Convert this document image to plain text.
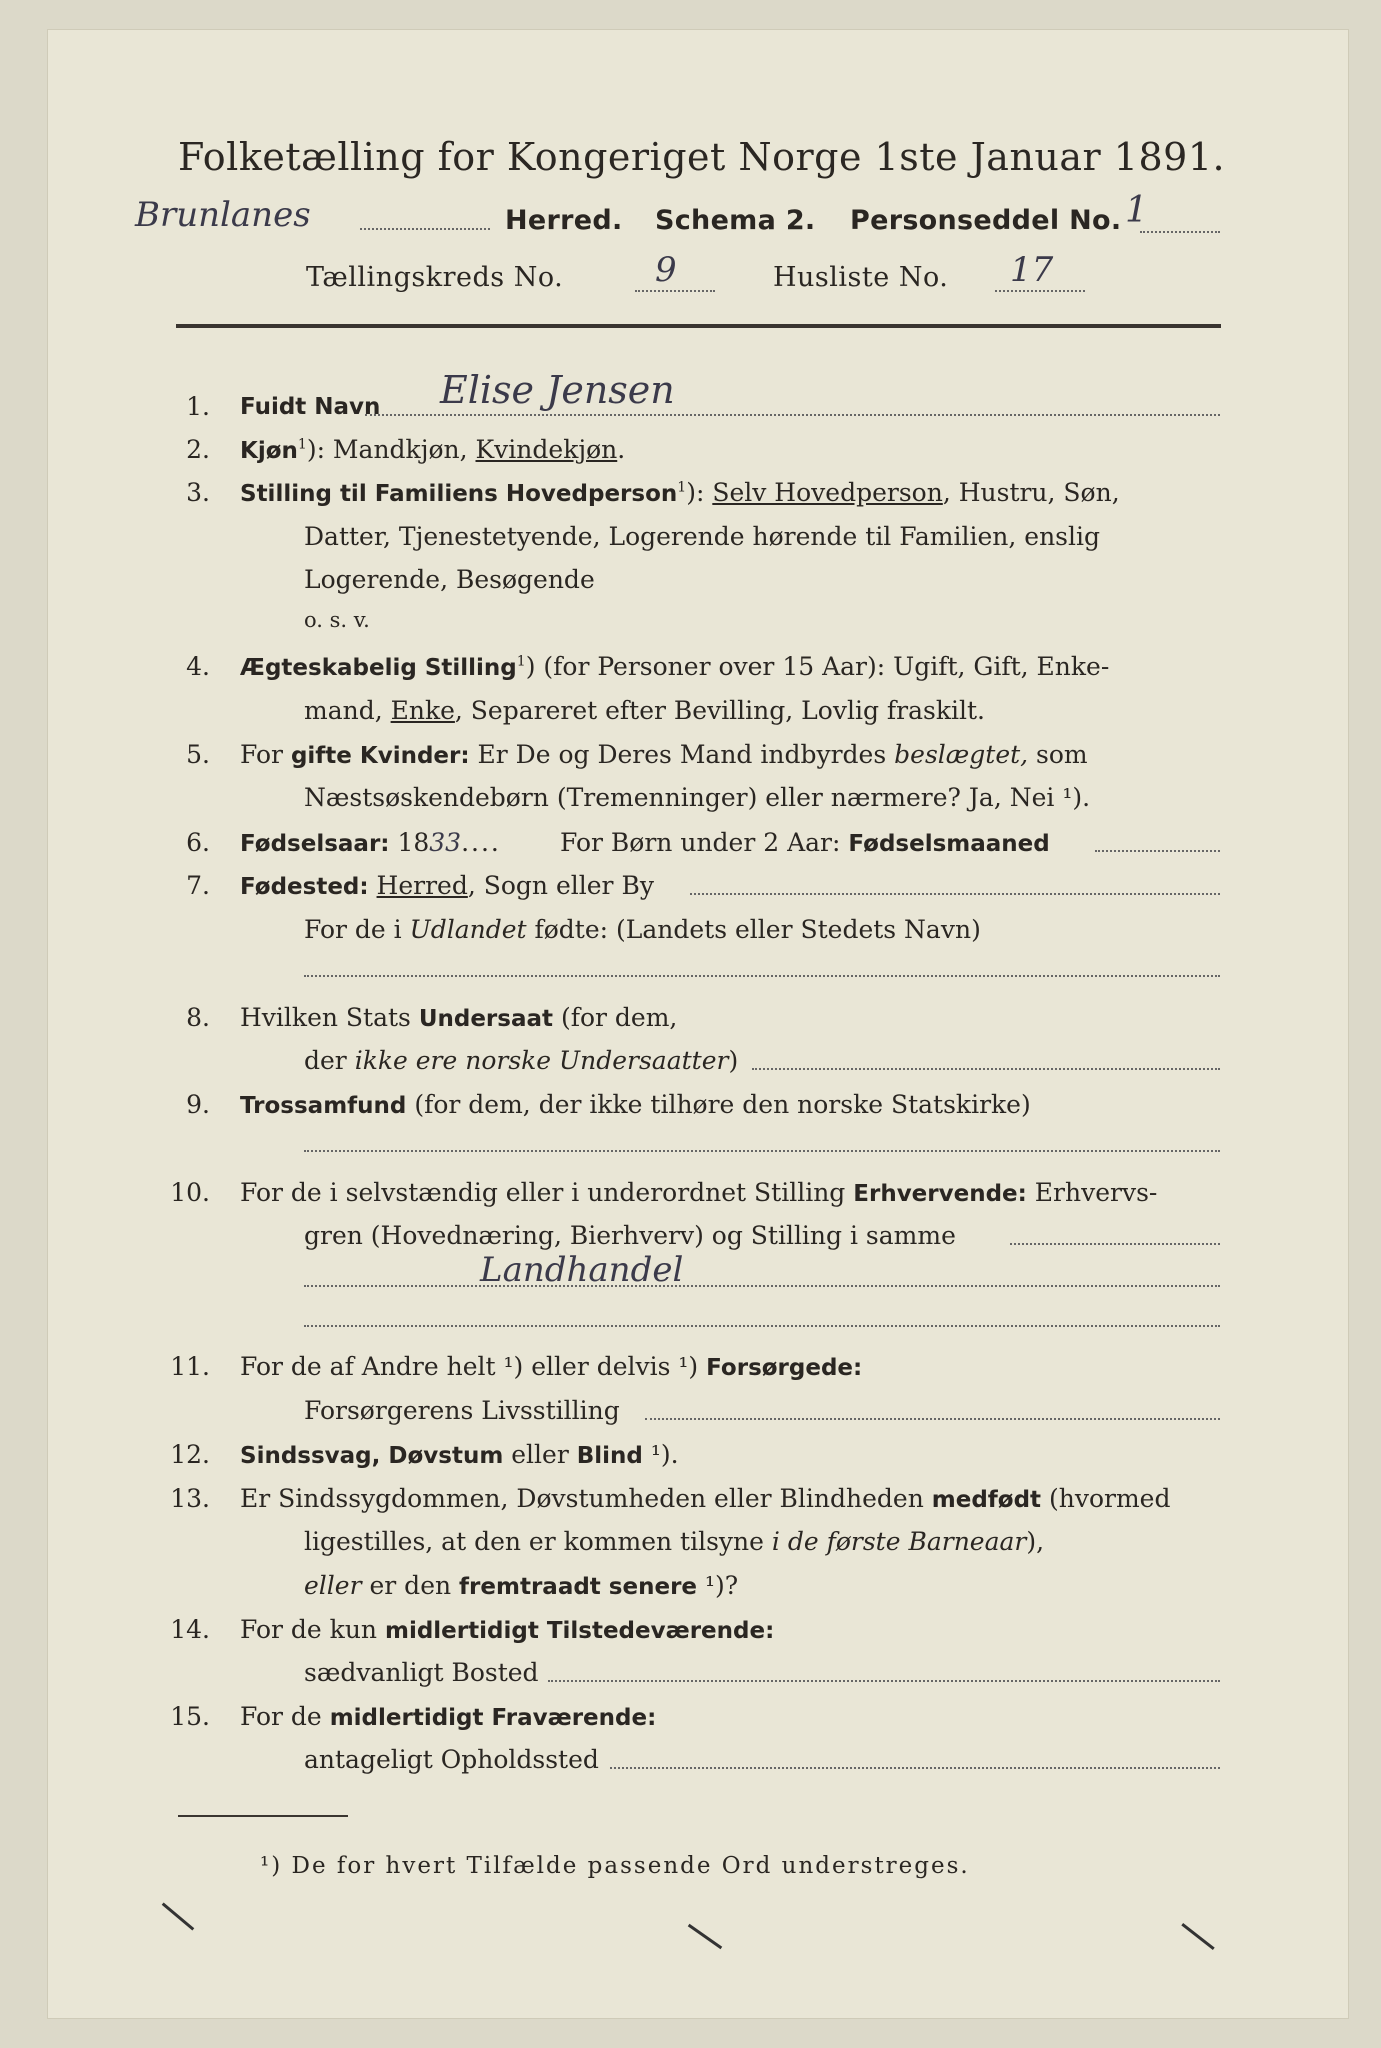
Folketælling for Kongeriget Norge 1ste Januar 1891.
Brunlanes	Herred. Schema 2. Personseddel No. 1
Tællingskreds No.	9	Husliste No. 17
1. Fuidt Navn Elise Jensen
2. Kjøn$^1$): Mandkjøn, Kvindekjøn.
3. Stilling til Familiens Hovedperson$^1$): Selv Hovedperson, Hustru, Søn,
Datter, Tjenestetyende, Logerende hørende til Familien, enslig
Logerende, Besøgende
o. s. v.
4. Ægteskabelig Stilling$^1$) (for Personer over 15 Aar): Ugift, Gift, Enke-
mand, Enke, Separeret efter Bevilling, Lovlig fraskilt.
5. For gifte Kvinder: Er De og Deres Mand indbyrdes beslægtet, som
Næstsøskendebørn (Tremenninger) eller nærmere? Ja, Nei ¹).
6. Fødselsaar: 1833.... For Børn under 2 Aar: Fødselsmaaned
7. Fødested: Herred, Sogn eller By
For de i Udlandet fødte: (Landets eller Stedets Navn)
8. Hvilken Stats Undersaat (for dem,
der ikke ere norske Undersaatter)
9. Trossamfund (for dem, der ikke tilhøre den norske Statskirke)
10. For de i selvstændig eller i underordnet Stilling Erhvervende: Erhvervs-
gren (Hovednæring, Bierhverv) og Stilling i samme
Landhandel
11. For de af Andre helt ¹) eller delvis ¹) Forsørgede:
Forsørgerens Livsstilling
12. Sindssvag, Døvstum eller Blind ¹).
13. Er Sindssygdommen, Døvstumheden eller Blindheden medfødt (hvormed
ligestilles, at den er kommen tilsyne i de første Barneaar),
eller er den fremtraadt senere ¹)?
14. For de kun midlertidigt Tilstedeværende:
sædvanligt Bosted
15. For de midlertidigt Fraværende:
antageligt Opholdssted
¹) De for hvert Tilfælde passende Ord understreges.
